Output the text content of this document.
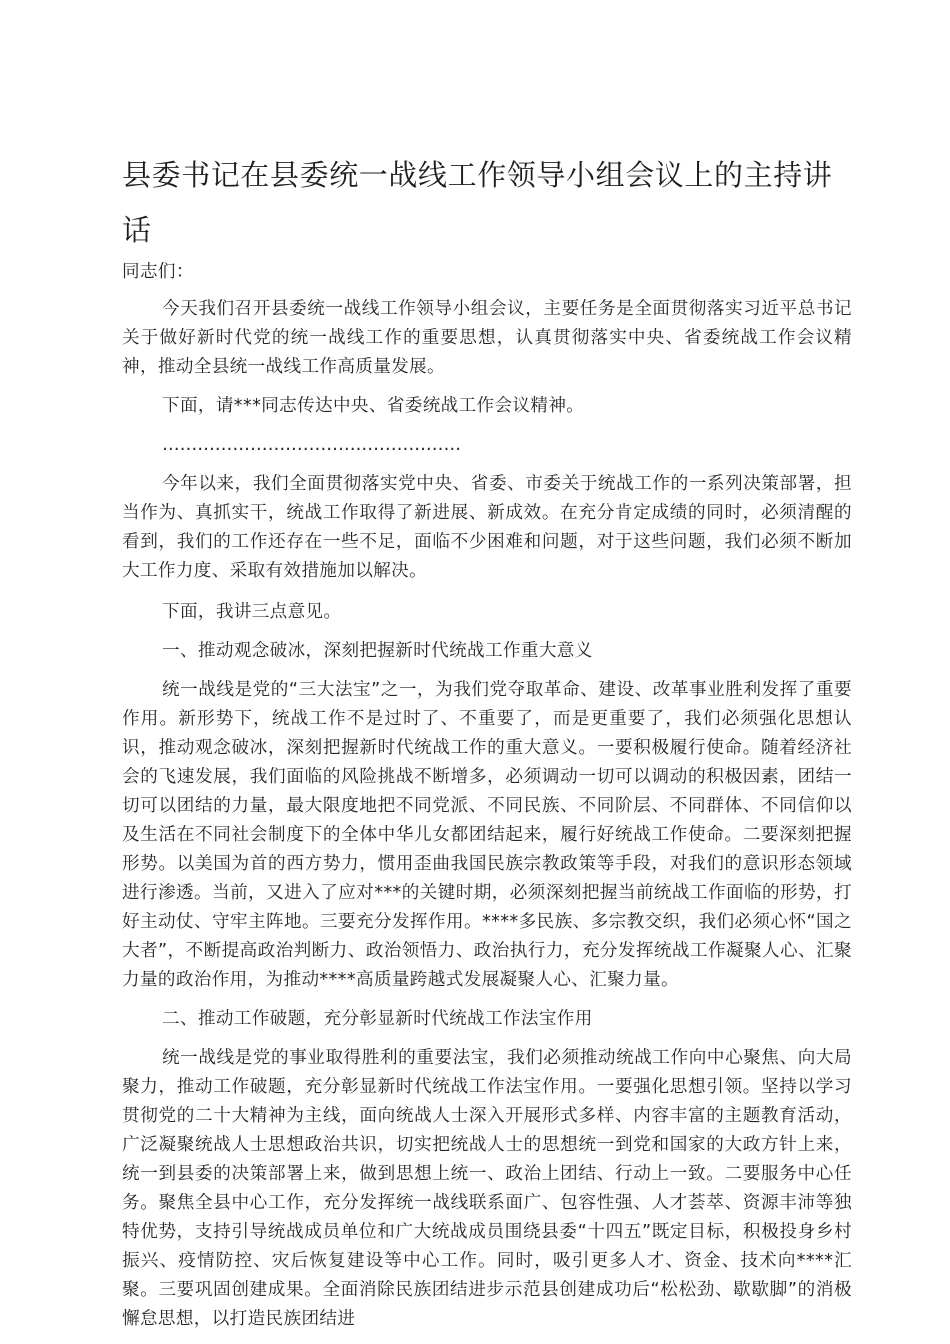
县委书记在县委统一战线工作领导小组会议上的主持讲话

同志们：

今天我们召开县委统一战线工作领导小组会议，主要任务是全面贯彻落实习近平总书记关于做好新时代党的统一战线工作的重要思想，认真贯彻落实中央、省委统战工作会议精神，推动全县统一战线工作高质量发展。

下面，请***同志传达中央、省委统战工作会议精神。

……………………………………………

今年以来，我们全面贯彻落实党中央、省委、市委关于统战工作的一系列决策部署，担当作为、真抓实干，统战工作取得了新进展、新成效。在充分肯定成绩的同时，必须清醒的看到，我们的工作还存在一些不足，面临不少困难和问题，对于这些问题，我们必须不断加大工作力度、采取有效措施加以解决。

下面，我讲三点意见。

一、推动观念破冰，深刻把握新时代统战工作重大意义

统一战线是党的“三大法宝”之一，为我们党夺取革命、建设、改革事业胜利发挥了重要作用。新形势下，统战工作不是过时了、不重要了，而是更重要了，我们必须强化思想认识，推动观念破冰，深刻把握新时代统战工作的重大意义。一要积极履行使命。随着经济社会的飞速发展，我们面临的风险挑战不断增多，必须调动一切可以调动的积极因素，团结一切可以团结的力量，最大限度地把不同党派、不同民族、不同阶层、不同群体、不同信仰以及生活在不同社会制度下的全体中华儿女都团结起来，履行好统战工作使命。二要深刻把握形势。以美国为首的西方势力，惯用歪曲我国民族宗教政策等手段，对我们的意识形态领域进行渗透。当前，又进入了应对***的关键时期，必须深刻把握当前统战工作面临的形势，打好主动仗、守牢主阵地。三要充分发挥作用。****多民族、多宗教交织，我们必须心怀“国之大者”，不断提高政治判断力、政治领悟力、政治执行力，充分发挥统战工作凝聚人心、汇聚力量的政治作用，为推动****高质量跨越式发展凝聚人心、汇聚力量。

二、推动工作破题，充分彰显新时代统战工作法宝作用

统一战线是党的事业取得胜利的重要法宝，我们必须推动统战工作向中心聚焦、向大局聚力，推动工作破题，充分彰显新时代统战工作法宝作用。一要强化思想引领。坚持以学习贯彻党的二十大精神为主线，面向统战人士深入开展形式多样、内容丰富的主题教育活动，广泛凝聚统战人士思想政治共识，切实把统战人士的思想统一到党和国家的大政方针上来，统一到县委的决策部署上来，做到思想上统一、政治上团结、行动上一致。二要服务中心任务。聚焦全县中心工作，充分发挥统一战线联系面广、包容性强、人才荟萃、资源丰沛等独特优势，支持引导统战成员单位和广大统战成员围绕县委“十四五”既定目标，积极投身乡村振兴、疫情防控、灾后恢复建设等中心工作。同时，吸引更多人才、资金、技术向****汇聚。三要巩固创建成果。全面消除民族团结进步示范县创建成功后“松松劲、歇歇脚”的消极懈怠思想，以打造民族团结进
